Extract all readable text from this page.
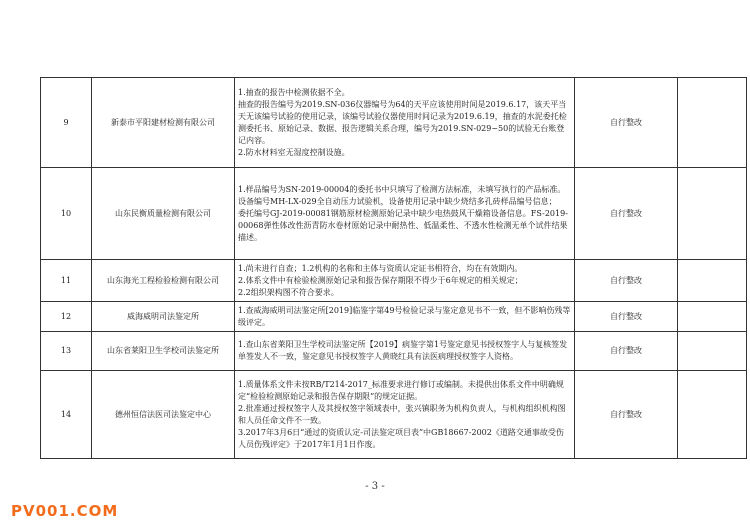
9	新泰市平阳建材检测有限公司	1.抽查的报告中检测依据不全。
抽查的报告编号为2019.SN-036仪器编号为64的天平应该使用时间是2019.6.17，该天平当天无该编号试验的使用记录，该编号试验仪器使用时间记录为2019.6.19，抽查的水泥委托检测委托书、原始记录、数据、报告逻辑关系合理，编号为2019.SN-029~50的试验无台账登记内容。
2.防水材料室无湿度控制设施。	自行整改	
10	山东民衡质量检测有限公司	1.样品编号为SN-2019-00004的委托书中只填写了检测方法标准，未填写执行的产品标准。
设备编号MH-LX-029全自动压力试验机，设备使用记录中缺少烧结多孔砖样品编号信息；
委托编号GJ-2019-00081钢筋原材检测原始记录中缺少电热鼓风干燥箱设备信息。FS-2019-00068弹性体改性沥青防水卷材原始记录中耐热性、低温柔性、不透水性检测无单个试件结果描述。	自行整改	
11	山东海光工程检验检测有限公司	1.尚未进行自查；1.2机构的名称和主体与资质认定证书相符合，均在有效期内。
2.体系文件中有检验检测原始记录和报告保存期限不得少于6年规定的相关规定；
2.2组织架构图不符合要求。	自行整改	
12	威海威明司法鉴定所	1.查威海威明司法鉴定所[2019]临鉴字第49号检验记录与鉴定意见书不一致，但不影响伤残等级评定。	自行整改	
13	山东省莱阳卫生学校司法鉴定所	1.查山东省莱阳卫生学校司法鉴定所【2019】病鉴字第1号鉴定意见书授权签字人与复核签发单签发人不一致，鉴定意见书授权签字人黄晓红具有法医病理授权签字人资格。	自行整改	
14	德州恒信法医司法鉴定中心	1.质量体系文件未按RB/T214-2017_标准要求进行修订或编制。未提供出体系文件中明确规定“检验检测原始记录和报告保存期限”的规定证据。
2.批准通过授权签字人及其授权签字领域表中，张兴镇职务为机构负责人，与机构组织机构图和人员任命文件不一致。
3.2017年3月6日“通过的资质认定-司法鉴定项目表”中GB18667-2002《道路交通事故受伤人员伤残评定》于2017年1月1日作废。	自行整改	
- 3 -
PV001.COM
